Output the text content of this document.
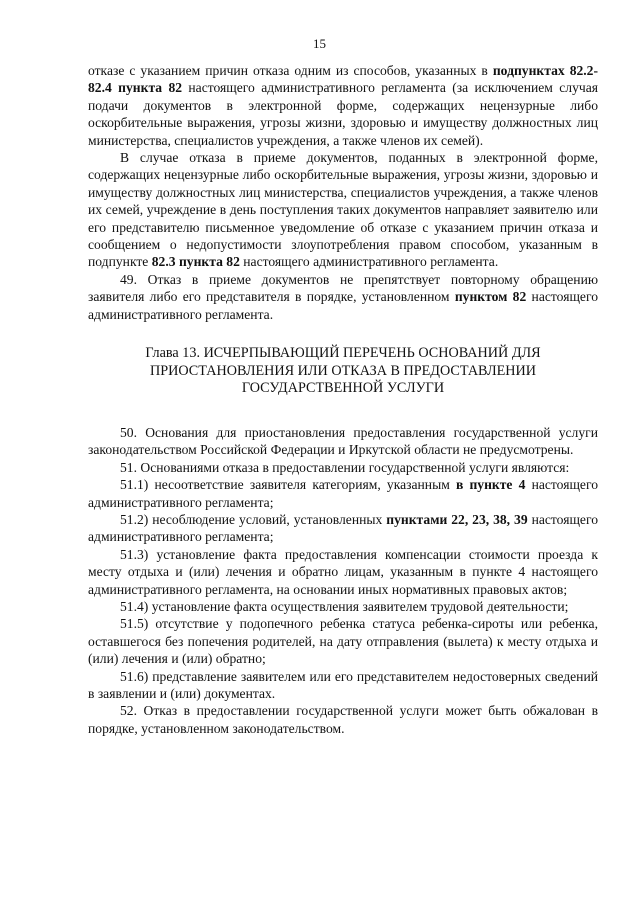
15

отказе с указанием причин отказа одним из способов, указанных в подпунктах 82.2-82.4 пункта 82 настоящего административного регламента (за исключением случая подачи документов в электронной форме, содержащих нецензурные либо оскорбительные выражения, угрозы жизни, здоровью и имуществу должностных лиц министерства, специалистов учреждения, а также членов их семей).

В случае отказа в приеме документов, поданных в электронной форме, содержащих нецензурные либо оскорбительные выражения, угрозы жизни, здоровью и имуществу должностных лиц министерства, специалистов учреждения, а также членов их семей, учреждение в день поступления таких документов направляет заявителю или его представителю письменное уведомление об отказе с указанием причин отказа и сообщением о недопустимости злоупотребления правом способом, указанным в подпункте 82.3 пункта 82 настоящего административного регламента.

49. Отказ в приеме документов не препятствует повторному обращению заявителя либо его представителя в порядке, установленном пунктом 82 настоящего административного регламента.

Глава 13. ИСЧЕРПЫВАЮЩИЙ ПЕРЕЧЕНЬ ОСНОВАНИЙ ДЛЯ ПРИОСТАНОВЛЕНИЯ ИЛИ ОТКАЗА В ПРЕДОСТАВЛЕНИИ ГОСУДАРСТВЕННОЙ УСЛУГИ

50. Основания для приостановления предоставления государственной услуги законодательством Российской Федерации и Иркутской области не предусмотрены.

51. Основаниями отказа в предоставлении государственной услуги являются:

51.1) несоответствие заявителя категориям, указанным в пункте 4 настоящего административного регламента;

51.2) несоблюдение условий, установленных пунктами 22, 23, 38, 39 настоящего административного регламента;

51.3) установление факта предоставления компенсации стоимости проезда к месту отдыха и (или) лечения и обратно лицам, указанным в пункте 4 настоящего административного регламента, на основании иных нормативных правовых актов;

51.4) установление факта осуществления заявителем трудовой деятельности;

51.5) отсутствие у подопечного ребенка статуса ребенка-сироты или ребенка, оставшегося без попечения родителей, на дату отправления (вылета) к месту отдыха и (или) лечения и (или) обратно;

51.6) представление заявителем или его представителем недостоверных сведений в заявлении и (или) документах.

52. Отказ в предоставлении государственной услуги может быть обжалован в порядке, установленном законодательством.
